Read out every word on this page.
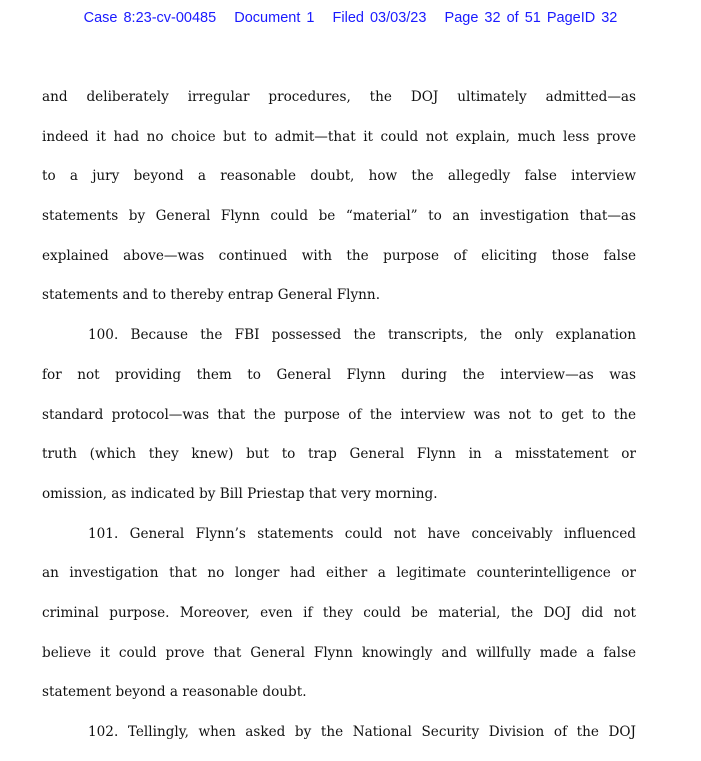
Case 8:23-cv-00485   Document 1   Filed 03/03/23   Page 32 of 51 PageID 32
and deliberately irregular procedures, the DOJ ultimately admitted—as
indeed it had no choice but to admit—that it could not explain, much less prove
to a jury beyond a reasonable doubt, how the allegedly false interview
statements by General Flynn could be “material” to an investigation that—as
explained above—was continued with the purpose of eliciting those false
statements and to thereby entrap General Flynn.
100. Because the FBI possessed the transcripts, the only explanation
for not providing them to General Flynn during the interview—as was
standard protocol—was that the purpose of the interview was not to get to the
truth (which they knew) but to trap General Flynn in a misstatement or
omission, as indicated by Bill Priestap that very morning.
101. General Flynn’s statements could not have conceivably influenced
an investigation that no longer had either a legitimate counterintelligence or
criminal purpose. Moreover, even if they could be material, the DOJ did not
believe it could prove that General Flynn knowingly and willfully made a false
statement beyond a reasonable doubt.
102. Tellingly, when asked by the National Security Division of the DOJ
